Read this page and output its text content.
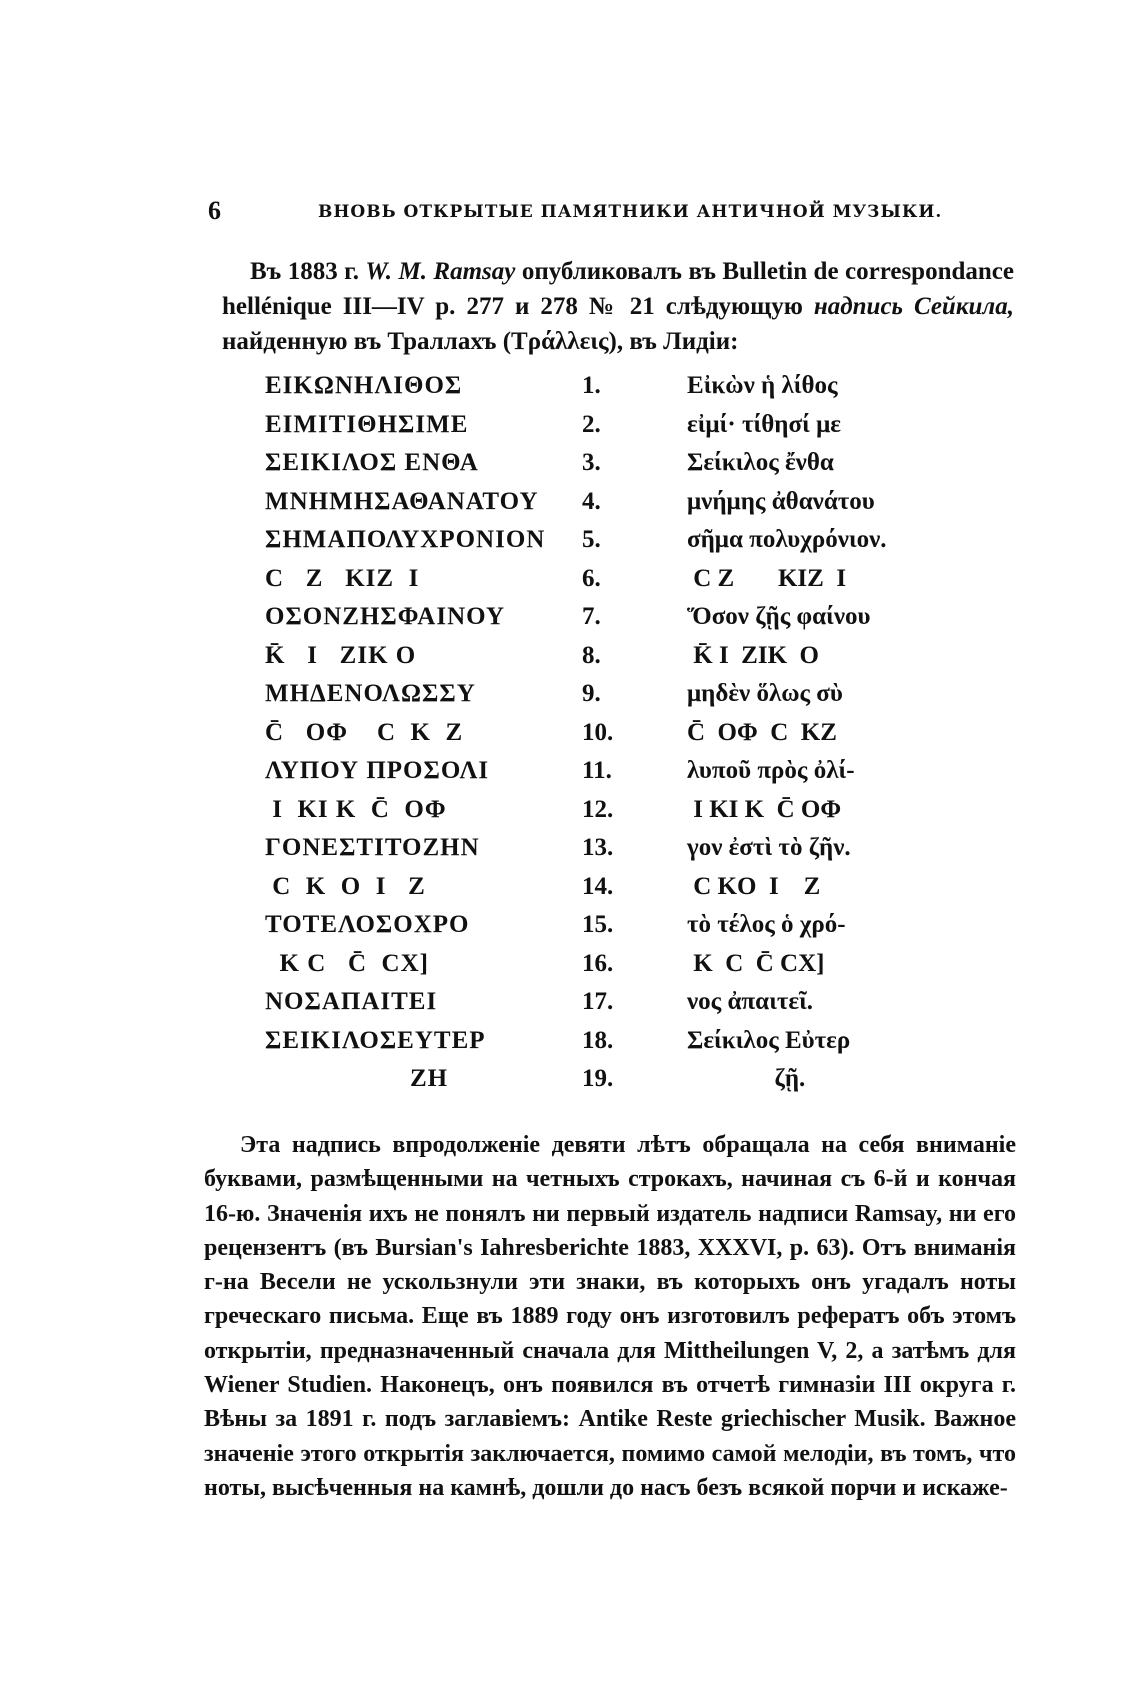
6	ВНОВЬ ОТКРЫТЫЕ ПАМЯТНИКИ АНТИЧНОЙ МУЗЫКИ.
Въ 1883 г. W. M. Ramsay опубликовалъ въ Bulletin de correspondance hellénique III—IV р. 277 и 278 № 21 слѣдующую надпись Сейкила, найденную въ Траллахъ (Τράλλεις), въ Лидіи:
ΕΙΚΩΝΗΛΙΘΟΣ	1.	Εἰκὼν ἡ λίθος
ΕΙΜΙΤΙΘΗΣΙΜΕ	2.	εἰμί· τίθησί με
ΣΕΙΚΙΛΟΣ ΕΝΘΑ	3.	Σείκιλος ἔνθα
ΜΝΗΜΗΣΑΘΑΝΑΤΟΥ 4.	μνήμης ἀθανάτου
ΣΗΜΑΠΟΛΥΧΡΟΝΙΟΝ 5.	σῆμα πολυχρόνιον.
C   Z   KIZ  I	6.	C Z       KIZ  I
ΟΣΟΝΖΗΣΦΑΙΝΟΥ	7.	Ὅσον ζῇς φαίνου
K̄   I   ZIK O	8.	K̄ I  ZIK  O
ΜΗΔΕΝΟΛΩΣΣΥ	9.	μηδὲν ὅλως σὺ
C̄   OΦ    C  K  Z	10.	C̄  OΦ  C  KZ
ΛΥΠΟΥ ΠΡΟΣΟΛΙ	11.	λυποῦ πρὸς ὀλί-
I  KI K  C̄  OΦ	12.	I KI K  C̄ OΦ
ΓΟΝΕΣΤΙΤΟΖΗΝ	13.	γον ἐστὶ τὸ ζῆν.
C  K  O  I   Z	14.	C KO  I    Z
ΤΟΤΕΛΟΣΟΧΡΟ	15.	τὸ τέλος ὁ χρό-
K C   C̄  CX]	16.	K  C  C̄ CX]
ΝΟΣΑΠΑΙΤΕΙ	17.	νος ἀπαιτεῖ.
ΣΕΙΚΙΛΟΣΕΥΤΕΡ	18.	Σείκιλος Εὐτερ
ZH	19.	ζῇ.

Эта надпись впродолженіе девяти лѣтъ обращала на себя вниманіе буквами, размѣщенными на четныхъ строкахъ, начиная съ 6-й и кончая 16-ю. Значенія ихъ не понялъ ни первый издатель надписи Ramsay, ни его рецензентъ (въ Bursian's Iahresberichte 1883, XXXVI, р. 63). Отъ вниманія г-на Весели не ускользнули эти знаки, въ которыхъ онъ угадалъ ноты греческаго письма. Еще въ 1889 году онъ изготовилъ рефератъ объ этомъ открытіи, предназначенный сначала для Mittheilungen V, 2, а затѣмъ для Wiener Studien. Наконецъ, онъ появился въ отчетѣ гимназіи III округа г. Вѣны за 1891 г. подъ заглавіемъ: Antike Reste griechischer Musik. Важное значеніе этого открытія заключается, помимо самой мелодіи, въ томъ, что ноты, высѣченныя на камнѣ, дошли до насъ безъ всякой порчи и искаже-
